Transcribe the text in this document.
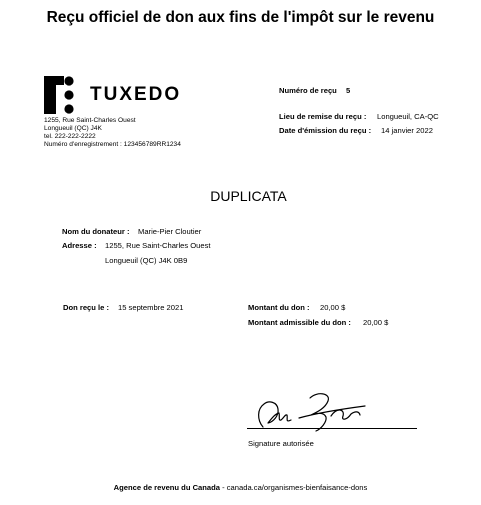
Reçu officiel de don aux fins de l'impôt sur le revenu
TUXEDO
1255, Rue Saint-Charles Ouest
Longueuil (QC) J4K
tel. 222-222-2222
Numéro d'enregistrement : 123456789RR1234
Numéro de reçu 5
Lieu de remise du reçu : Longueuil, CA-QC
Date d'émission du reçu : 14 janvier 2022
DUPLICATA
Nom du donateur : Marie-Pier Cloutier
Adresse : 1255, Rue Saint-Charles Ouest
Longueuil (QC) J4K 0B9
Don reçu le : 15 septembre 2021	Montant du don : 20,00 $
Montant admissible du don : 20,00 $
Signature autorisée
Agence de revenu du Canada - canada.ca/organismes-bienfaisance-dons
